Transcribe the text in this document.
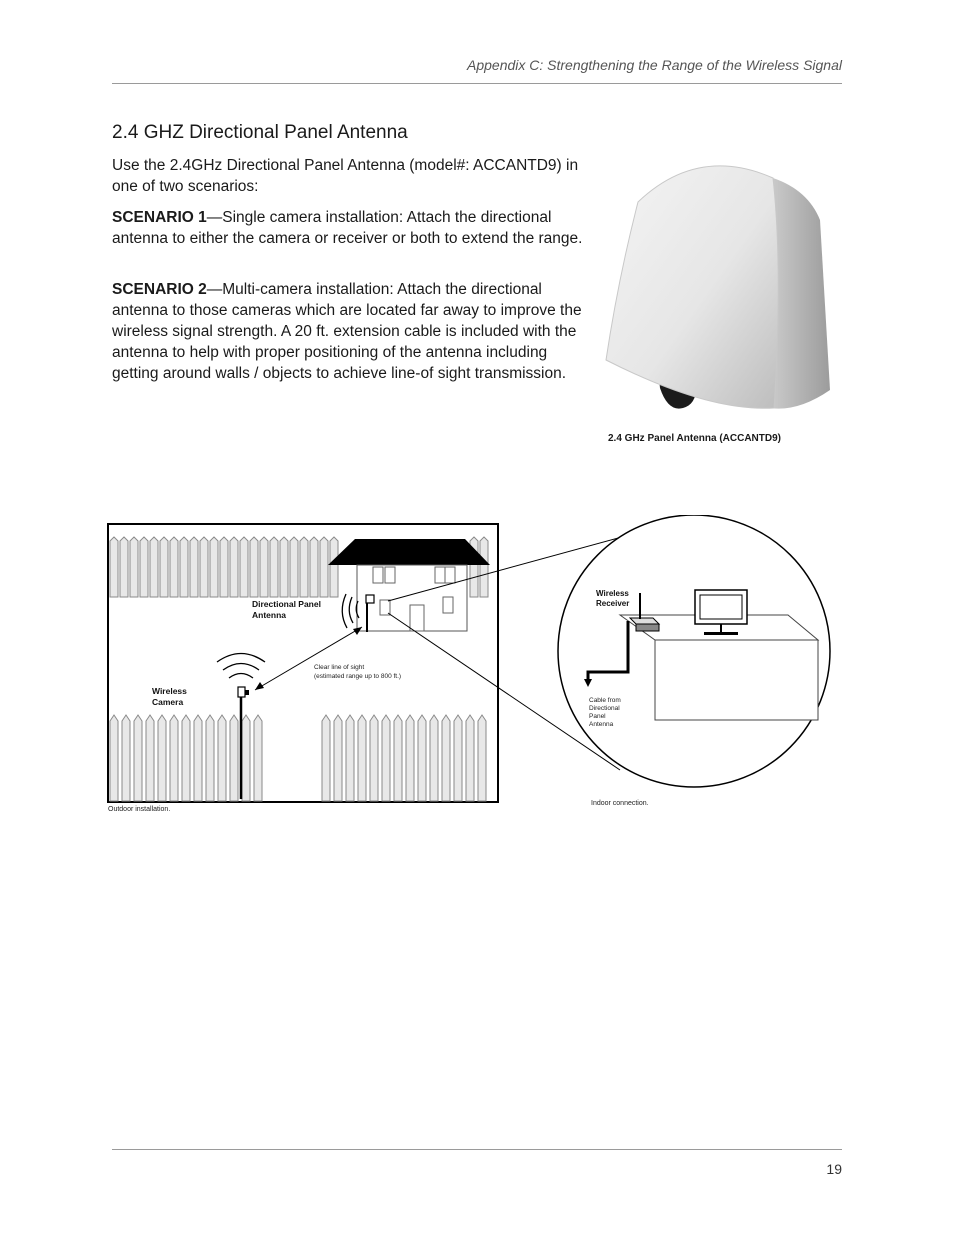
Appendix C: Strengthening the Range of the Wireless Signal
2.4 GHZ Directional Panel Antenna

Use the 2.4GHz Directional Panel Antenna (model#: ACCANTD9) in one of two scenarios:

SCENARIO 1—Single camera installation: Attach the directional antenna to either the camera or receiver or both to extend the range.

SCENARIO 2—Multi-camera installation: Attach the directional antenna to those cameras which are located far away to improve the wireless signal strength. A 20 ft. extension cable is included with the antenna to help with proper positioning of the antenna including getting around walls / objects to achieve line-of sight transmission.

2.4 GHz Panel Antenna (ACCANTD9)
Directional Panel
Antenna
Wireless
Camera
Clear line of sight
(estimated range up to 800 ft.)
Outdoor installation.
Wireless
Receiver
Cable from
Directional
Panel
Antenna
Indoor connection.
19
